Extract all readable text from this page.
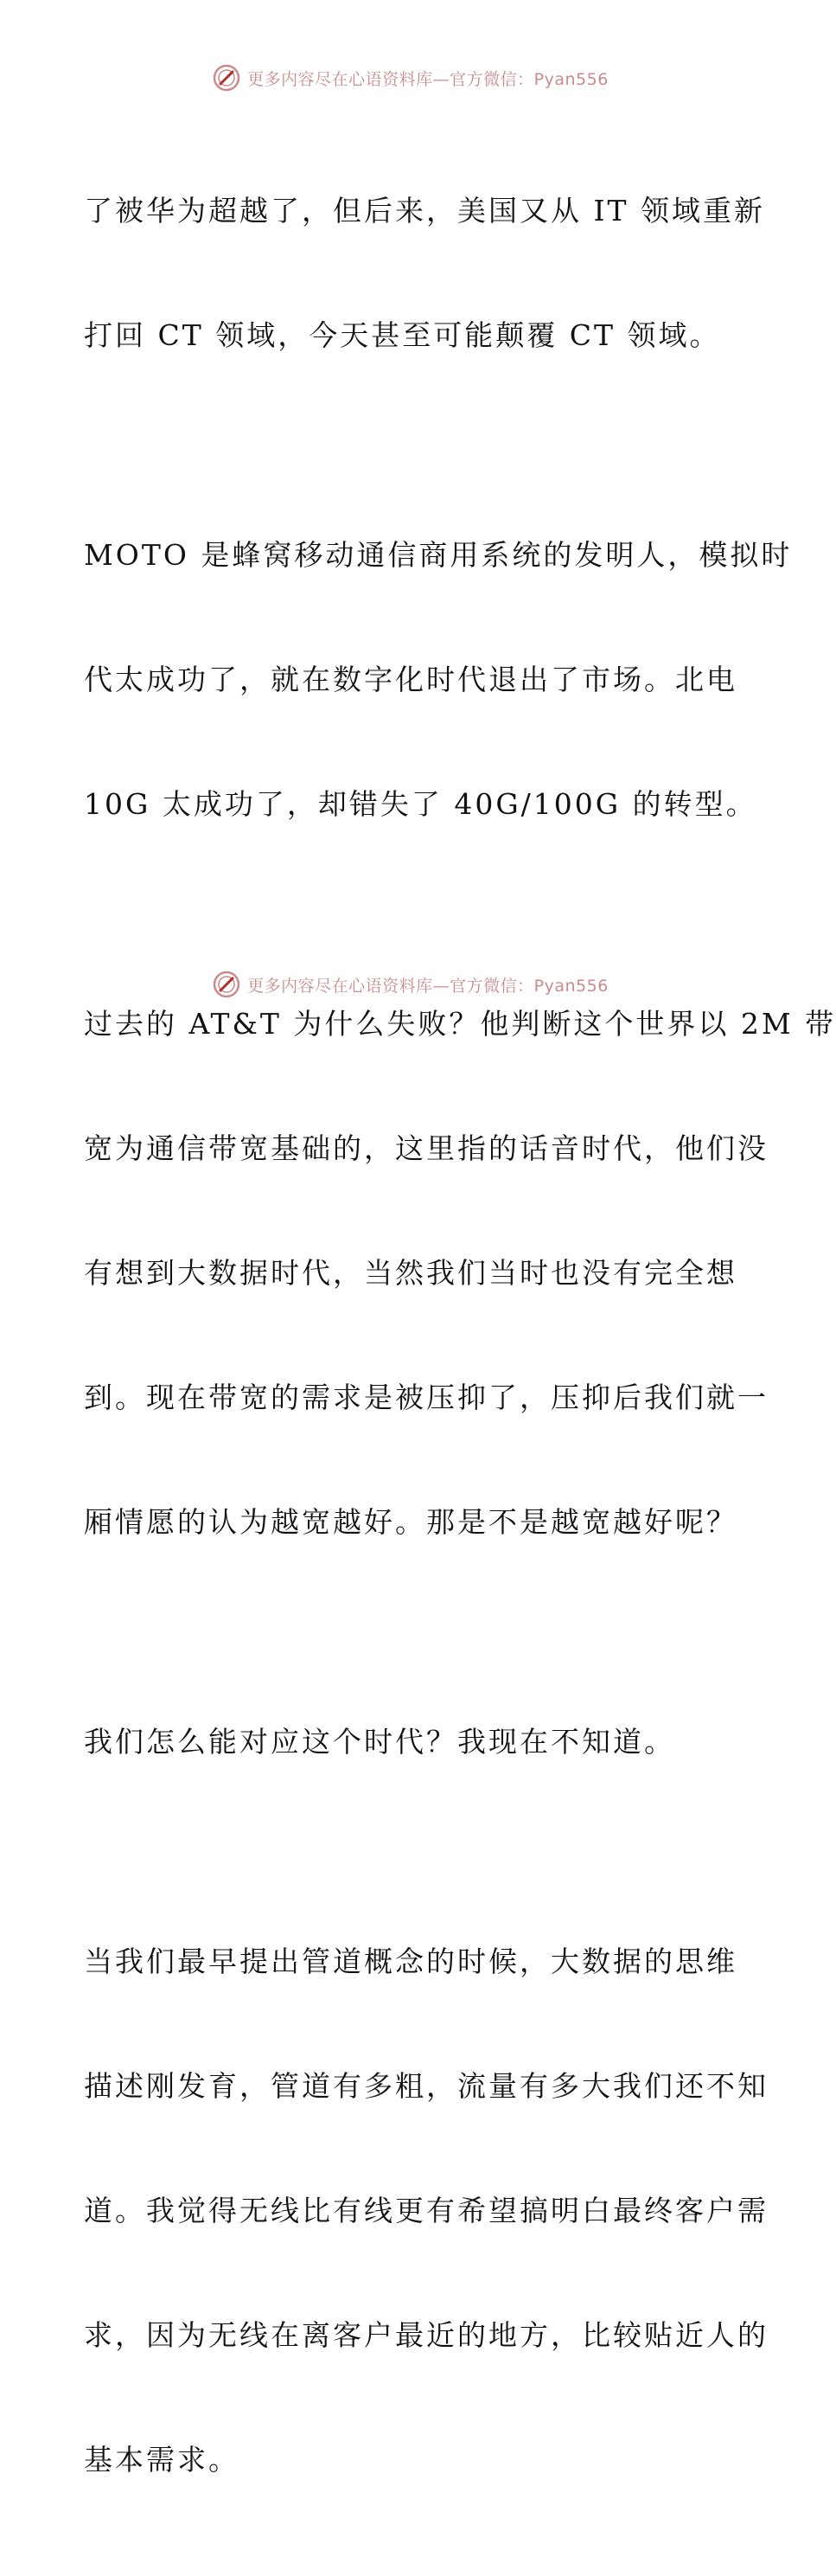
更多内容尽在心语资料库—官方微信：Pyan556

了被华为超越了，但后来，美国又从 IT 领域重新

打回 CT 领域，今天甚至可能颠覆 CT 领域。

MOTO 是蜂窝移动通信商用系统的发明人，模拟时

代太成功了，就在数字化时代退出了市场。北电

10G 太成功了，却错失了 40G/100G 的转型。

过去的 AT&T 为什么失败？他判断这个世界以 2M 带

宽为通信带宽基础的，这里指的话音时代，他们没

有想到大数据时代，当然我们当时也没有完全想

到。现在带宽的需求是被压抑了，压抑后我们就一

厢情愿的认为越宽越好。那是不是越宽越好呢？

我们怎么能对应这个时代？我现在不知道。

当我们最早提出管道概念的时候，大数据的思维

描述刚发育，管道有多粗，流量有多大我们还不知

道。我觉得无线比有线更有希望搞明白最终客户需

求，因为无线在离客户最近的地方，比较贴近人的

基本需求。

更多内容尽在心语资料库—官方微信：Pyan556
